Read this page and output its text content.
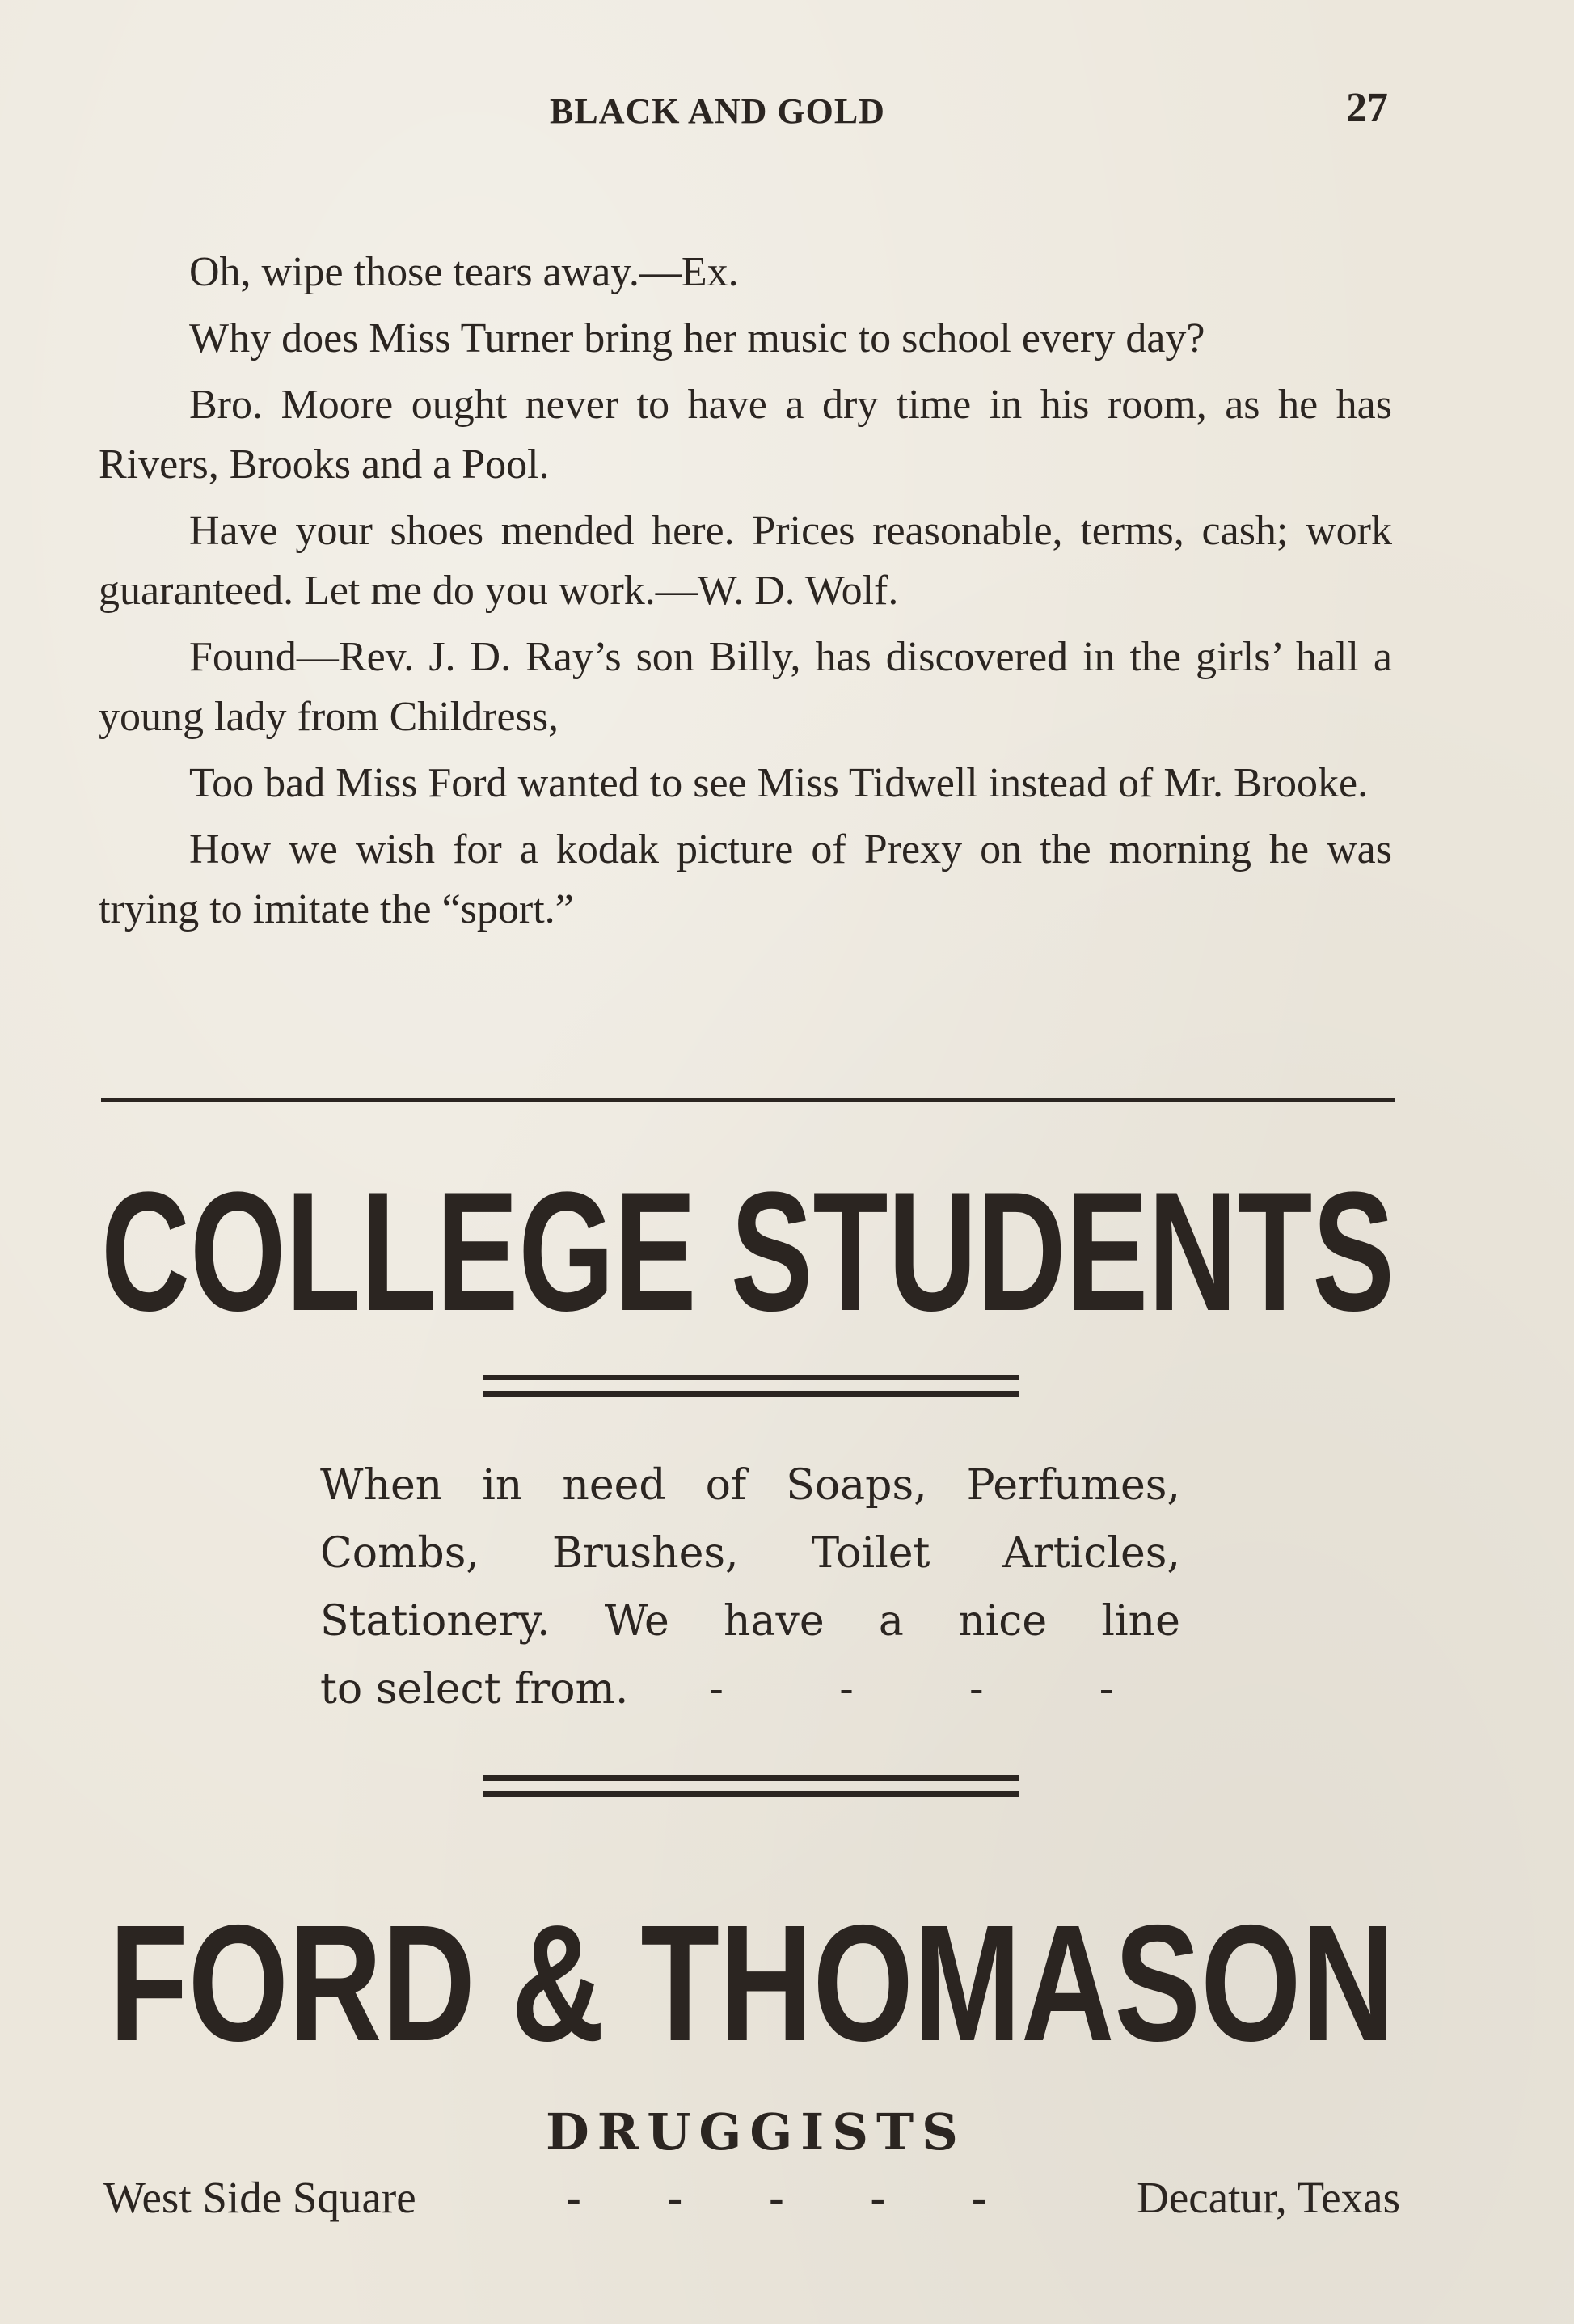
BLACK AND GOLD	27

Oh, wipe those tears away.—Ex.

Why does Miss Turner bring her music to school every day?

Bro. Moore ought never to have a dry time in his room, as he has Rivers, Brooks and a Pool.

Have your shoes mended here. Prices reasonable, terms, cash; work guaranteed. Let me do you work.—W. D. Wolf.

Found—Rev. J. D. Ray’s son Billy, has discovered in the girls’ hall a young lady from Childress,

Too bad Miss Ford wanted to see Miss Tidwell instead of Mr. Brooke.

How we wish for a kodak picture of Prexy on the morning he was trying to imitate the “sport.”

COLLEGE STUDENTS
When in need of Soaps, Perfumes,
Combs, Brushes, Toilet Articles,
Stationery. We have a nice line
to select from. -	-	-	-
FORD & THOMASON
DRUGGISTS
West Side Square	- - - - -	Decatur, Texas
